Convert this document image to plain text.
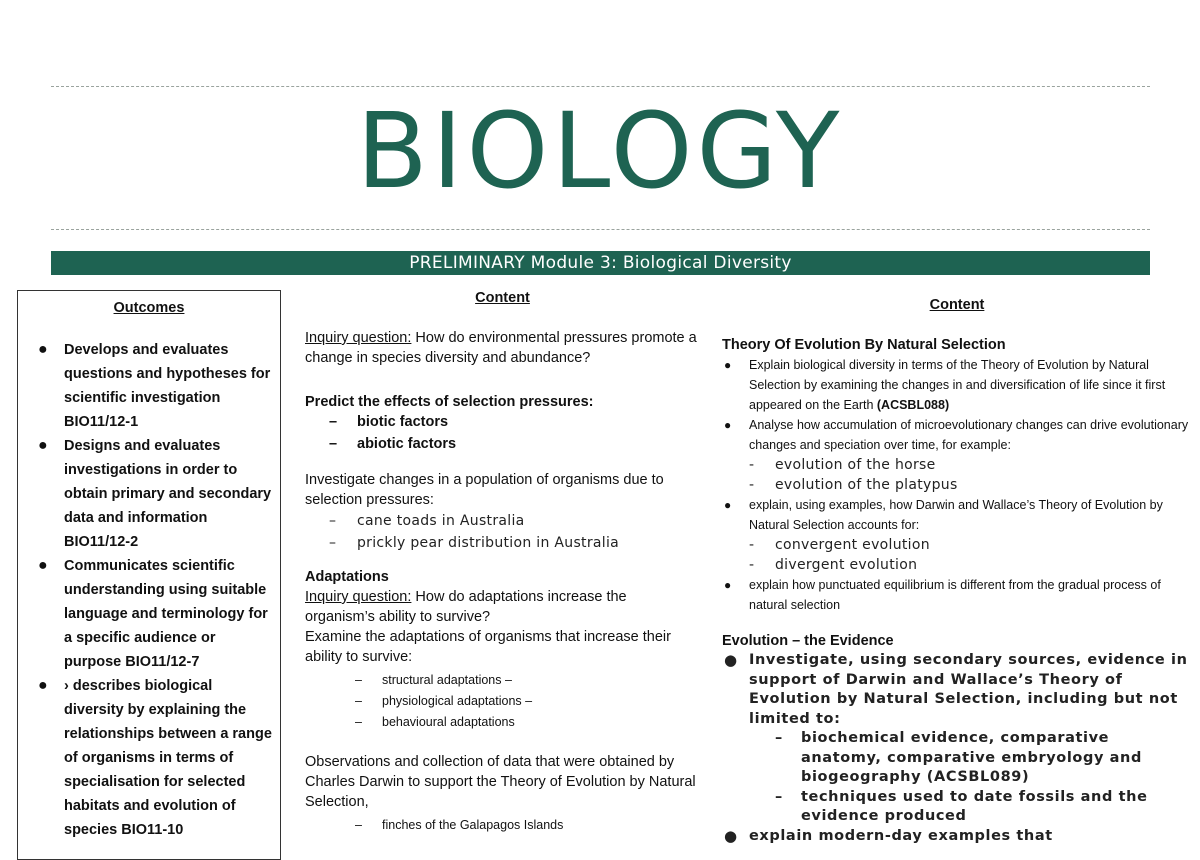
BIOLOGY
PRELIMINARY Module 3: Biological Diversity
Outcomes
● Develops and evaluates questions and hypotheses for scientific investigation BIO11/12-1
● Designs and evaluates investigations in order to obtain primary and secondary data and information BIO11/12-2
● Communicates scientific understanding using suitable language and terminology for a specific audience or purpose BIO11/12-7
● › describes biological diversity by explaining the relationships between a range of organisms in terms of specialisation for selected habitats and evolution of species BIO11-10
Content
Inquiry question: How do environmental pressures promote a change in species diversity and abundance?
Predict the effects of selection pressures:
– biotic factors
– abiotic factors
Investigate changes in a population of organisms due to selection pressures:
– cane toads in Australia
– prickly pear distribution in Australia
Adaptations
Inquiry question: How do adaptations increase the organism’s ability to survive?
Examine the adaptations of organisms that increase their ability to survive:
– structural adaptations –
– physiological adaptations –
– behavioural adaptations
Observations and collection of data that were obtained by Charles Darwin to support the Theory of Evolution by Natural Selection,
– finches of the Galapagos Islands
Content
Theory Of Evolution By Natural Selection
● Explain biological diversity in terms of the Theory of Evolution by Natural Selection by examining the changes in and diversification of life since it first appeared on the Earth (ACSBL088)
● Analyse how accumulation of microevolutionary changes can drive evolutionary changes and speciation over time, for example:
- evolution of the horse
- evolution of the platypus
● explain, using examples, how Darwin and Wallace’s Theory of Evolution by Natural Selection accounts for:
- convergent evolution
- divergent evolution
● explain how punctuated equilibrium is different from the gradual process of natural selection
Evolution – the Evidence
● Investigate, using secondary sources, evidence in support of Darwin and Wallace’s Theory of Evolution by Natural Selection, including but not limited to:
– biochemical evidence, comparative anatomy, comparative embryology and biogeography (ACSBL089)
– techniques used to date fossils and the evidence produced
● explain modern-day examples that
